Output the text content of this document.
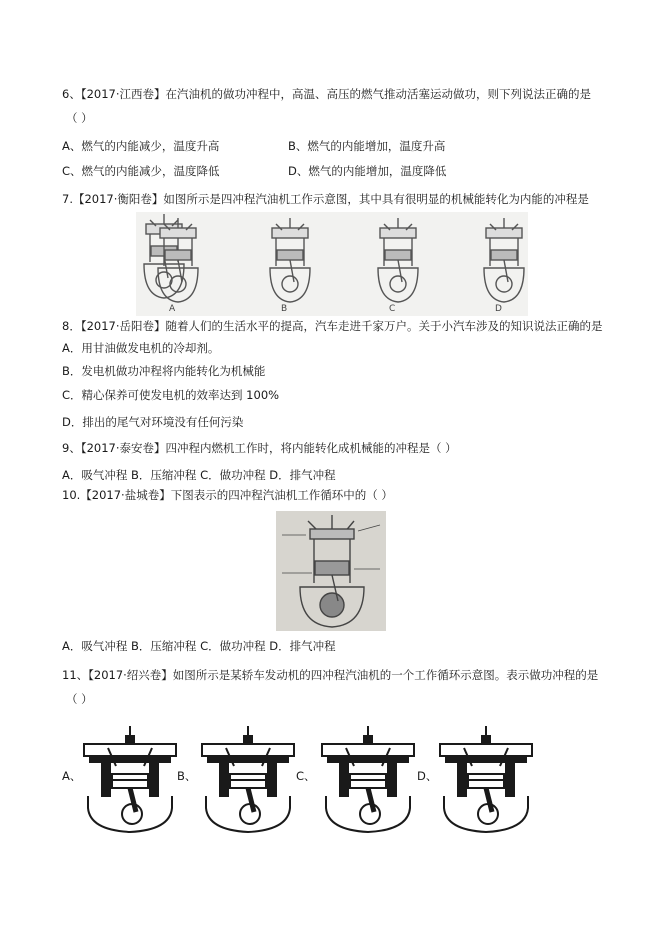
6、【2017·江西卷】在汽油机的做功冲程中，高温、高压的燃气推动活塞运动做功，则下列说法正确的是
（ ）
A、燃气的内能减少，温度升高	B、燃气的内能增加，温度升高
C、燃气的内能减少，温度降低	D、燃气的内能增加，温度降低
7.【2017·衡阳卷】如图所示是四冲程汽油机工作示意图，其中具有很明显的机械能转化为内能的冲程是
A	B	C	D
8．【2017·岳阳卷】随着人们的生活水平的提高，汽车走进千家万户。关于小汽车涉及的知识说法正确的是
A．用甘油做发电机的冷却剂。
B．发电机做功冲程将内能转化为机械能
C．精心保养可使发电机的效率达到 100%
D．排出的尾气对环境没有任何污染
9、【2017·泰安卷】四冲程内燃机工作时，将内能转化成机械能的冲程是（ ）
A．吸气冲程 B．压缩冲程 C．做功冲程 D．排气冲程
10.【2017·盐城卷】下图表示的四冲程汽油机工作循环中的（ ）
A．吸气冲程 B．压缩冲程 C．做功冲程 D．排气冲程
11、【2017·绍兴卷】如图所示是某轿车发动机的四冲程汽油机的一个工作循环示意图。表示做功冲程的是
（ ）
A、	B、	C、	D、
